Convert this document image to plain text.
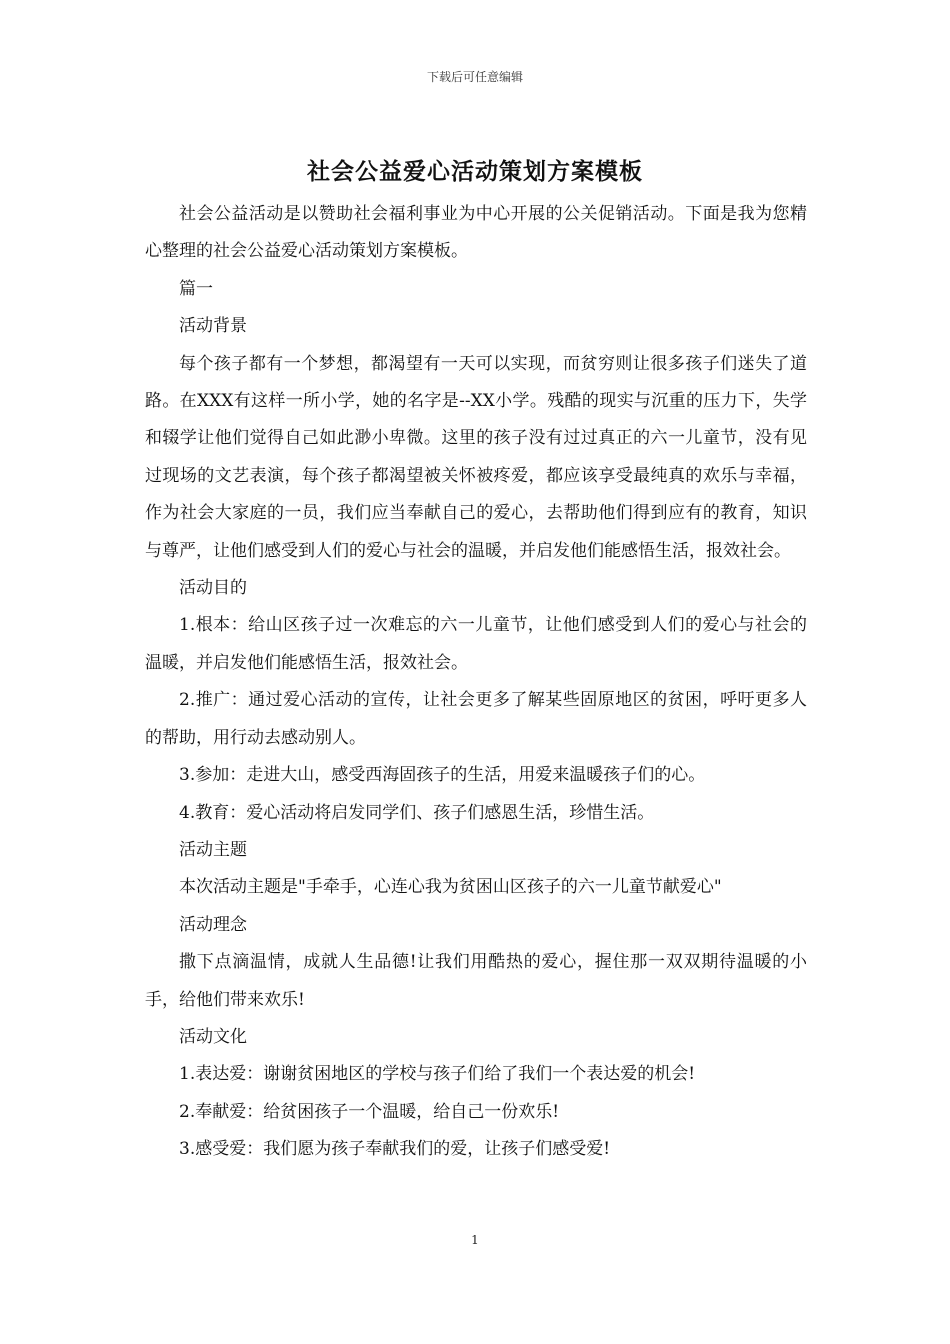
下载后可任意编辑
社会公益爱心活动策划方案模板

社会公益活动是以赞助社会福利事业为中心开展的公关促销活动。下面是我为您精心整理的社会公益爱心活动策划方案模板。

篇一

活动背景

每个孩子都有一个梦想，都渴望有一天可以实现，而贫穷则让很多孩子们迷失了道路。在XXX有这样一所小学，她的名字是--XX小学。残酷的现实与沉重的压力下，失学和辍学让他们觉得自己如此渺小卑微。这里的孩子没有过过真正的六一儿童节，没有见过现场的文艺表演，每个孩子都渴望被关怀被疼爱，都应该享受最纯真的欢乐与幸福，作为社会大家庭的一员，我们应当奉献自己的爱心，去帮助他们得到应有的教育，知识与尊严，让他们感受到人们的爱心与社会的温暖，并启发他们能感悟生活，报效社会。

活动目的

1.根本：给山区孩子过一次难忘的六一儿童节，让他们感受到人们的爱心与社会的温暖，并启发他们能感悟生活，报效社会。

2.推广：通过爱心活动的宣传，让社会更多了解某些固原地区的贫困，呼吁更多人的帮助，用行动去感动别人。

3.参加：走进大山，感受西海固孩子的生活，用爱来温暖孩子们的心。

4.教育：爱心活动将启发同学们、孩子们感恩生活，珍惜生活。

活动主题

本次活动主题是"手牵手，心连心我为贫困山区孩子的六一儿童节献爱心"

活动理念

撒下点滴温情，成就人生品德!让我们用酷热的爱心，握住那一双双期待温暖的小手，给他们带来欢乐!

活动文化

1.表达爱：谢谢贫困地区的学校与孩子们给了我们一个表达爱的机会!

2.奉献爱：给贫困孩子一个温暖，给自己一份欢乐!

3.感受爱：我们愿为孩子奉献我们的爱，让孩子们感受爱!

1
